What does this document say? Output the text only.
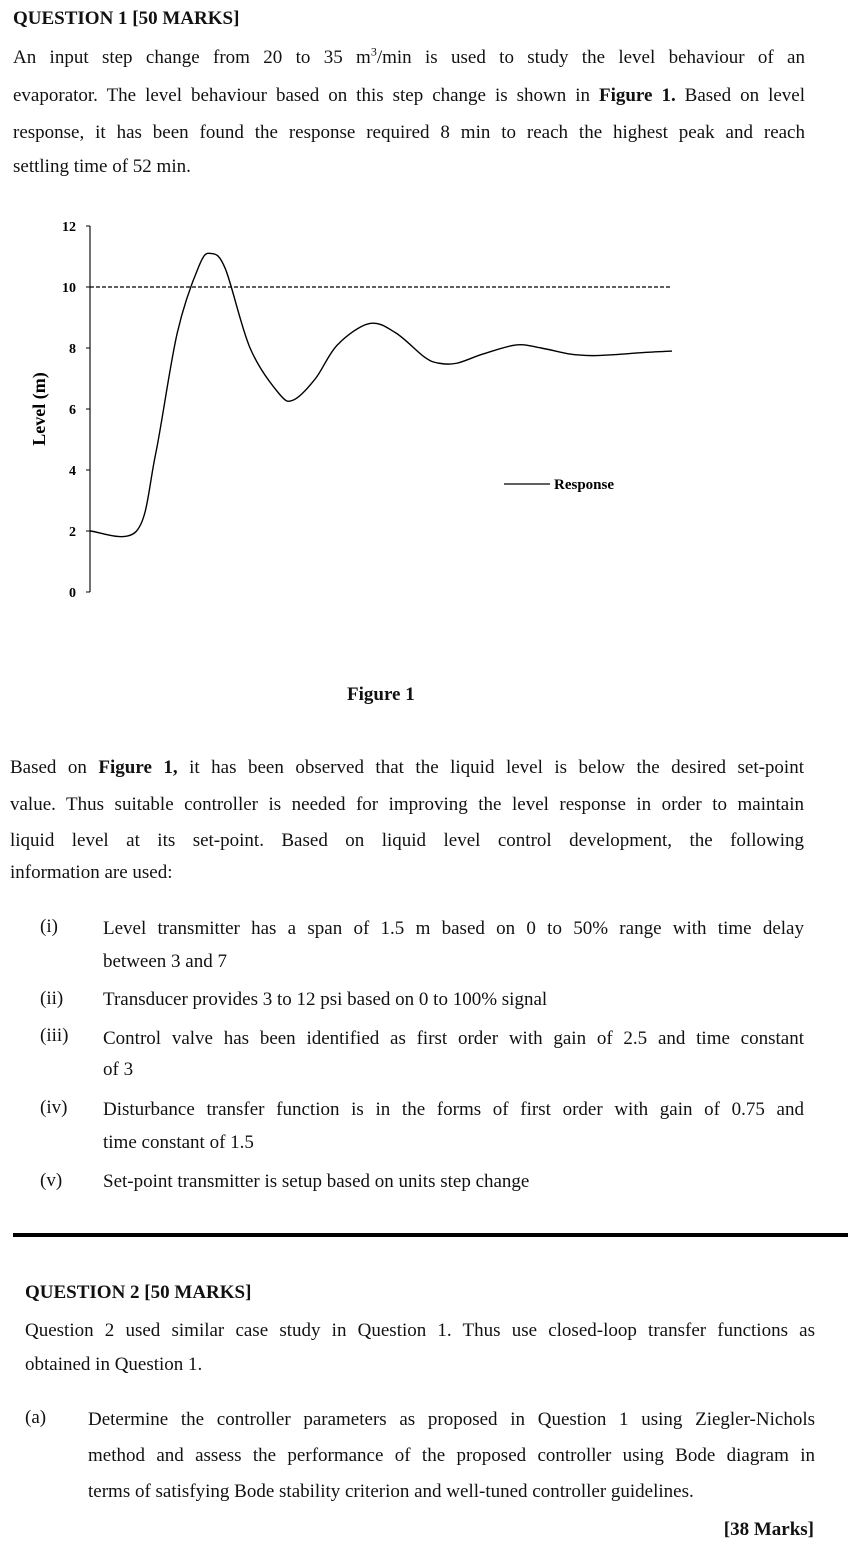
QUESTION 1 [50 MARKS]
An input step change from 20 to 35 $m^3/\min$ is used to study the level behaviour of an
evaporator. The level behaviour based on this step change is shown in Figure 1. Based on level
response, it has been found the response required 8 min to reach the highest peak and reach
settling time of 52 min.
Level (m)
0
2
4
6
8
10
12
Response
Figure 1
Based on Figure 1, it has been observed that the liquid level is below the desired set-point
value. Thus suitable controller is needed for improving the level response in order to maintain
liquid level at its set-point. Based on liquid level control development, the following
information are used:
(i) Level transmitter has a span of 1.5 m based on 0 to 50% range with time delay
between 3 and 7
(ii) Transducer provides 3 to 12 psi based on 0 to 100% signal
(iii) Control valve has been identified as first order with gain of 2.5 and time constant
of 3
(iv) Disturbance transfer function is in the forms of first order with gain of 0.75 and
time constant of 1.5
(v) Set-point transmitter is setup based on units step change
QUESTION 2 [50 MARKS]
Question 2 used similar case study in Question 1. Thus use closed-loop transfer functions as
obtained in Question 1.
(a) Determine the controller parameters as proposed in Question 1 using Ziegler-Nichols
method and assess the performance of the proposed controller using Bode diagram in
terms of satisfying Bode stability criterion and well-tuned controller guidelines.
[38 Marks]
